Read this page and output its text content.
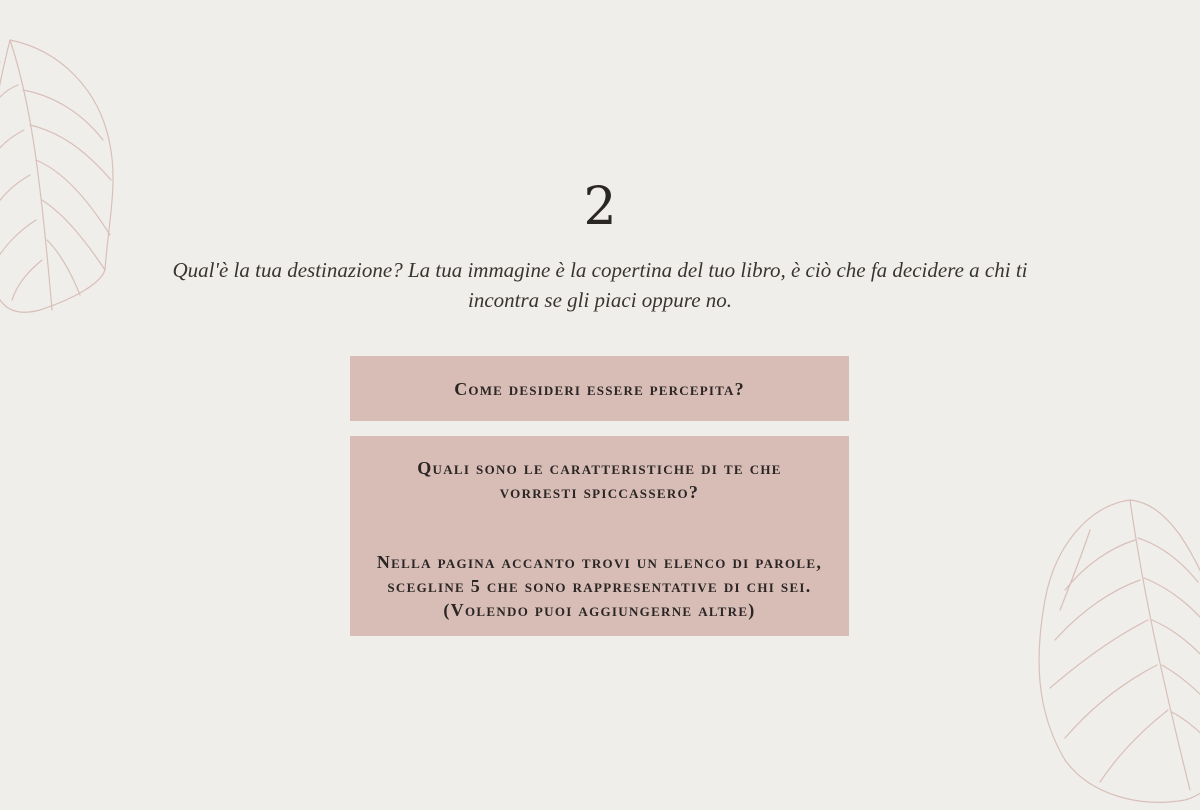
2
Qual'è la tua destinazione? La tua immagine è la copertina del tuo libro, è ciò che fa decidere a chi ti incontra se gli piaci oppure no.
Come desideri essere percepita?
Quali sono le caratteristiche di te che vorresti spiccassero?
Nella pagina accanto trovi un elenco di parole, scegline 5 che sono rappresentative di chi sei. (Volendo puoi aggiungerne altre)
